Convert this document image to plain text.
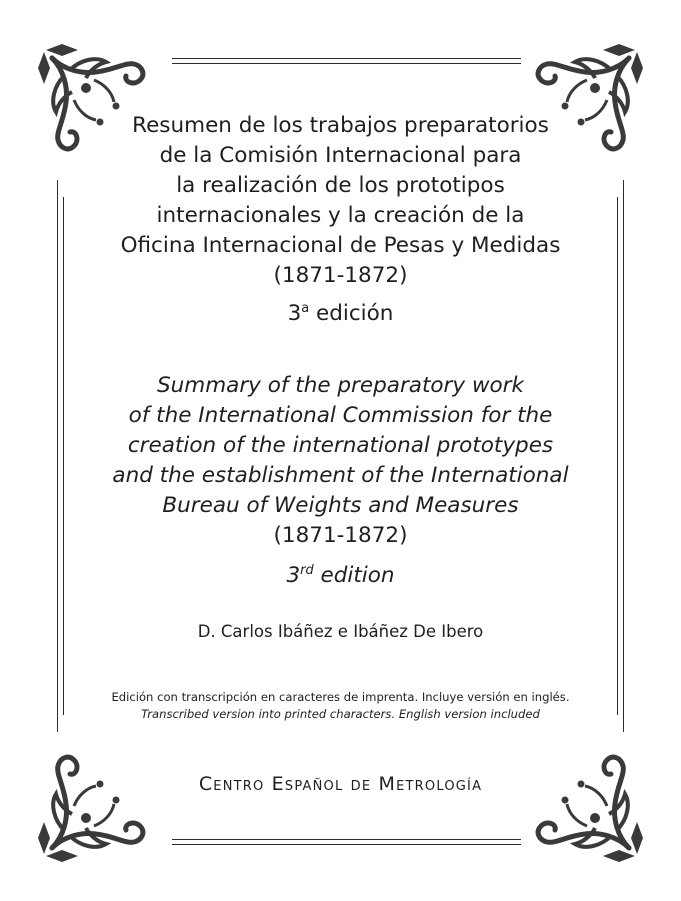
Resumen de los trabajos preparatorios
de la Comisión Internacional para
la realización de los prototipos
internacionales y la creación de la
Oficina Internacional de Pesas y Medidas
(1871-1872)
3$^a$ edición
Summary of the preparatory work
of the International Commission for the
creation of the international prototypes
and the establishment of the International
Bureau of Weights and Measures
(1871-1872)
3rd edition
D. Carlos Ibáñez e Ibáñez De Ibero
Edición con transcripción en caracteres de imprenta. Incluye versión en inglés.
Transcribed version into printed characters. English version included
Centro Español de Metrología
